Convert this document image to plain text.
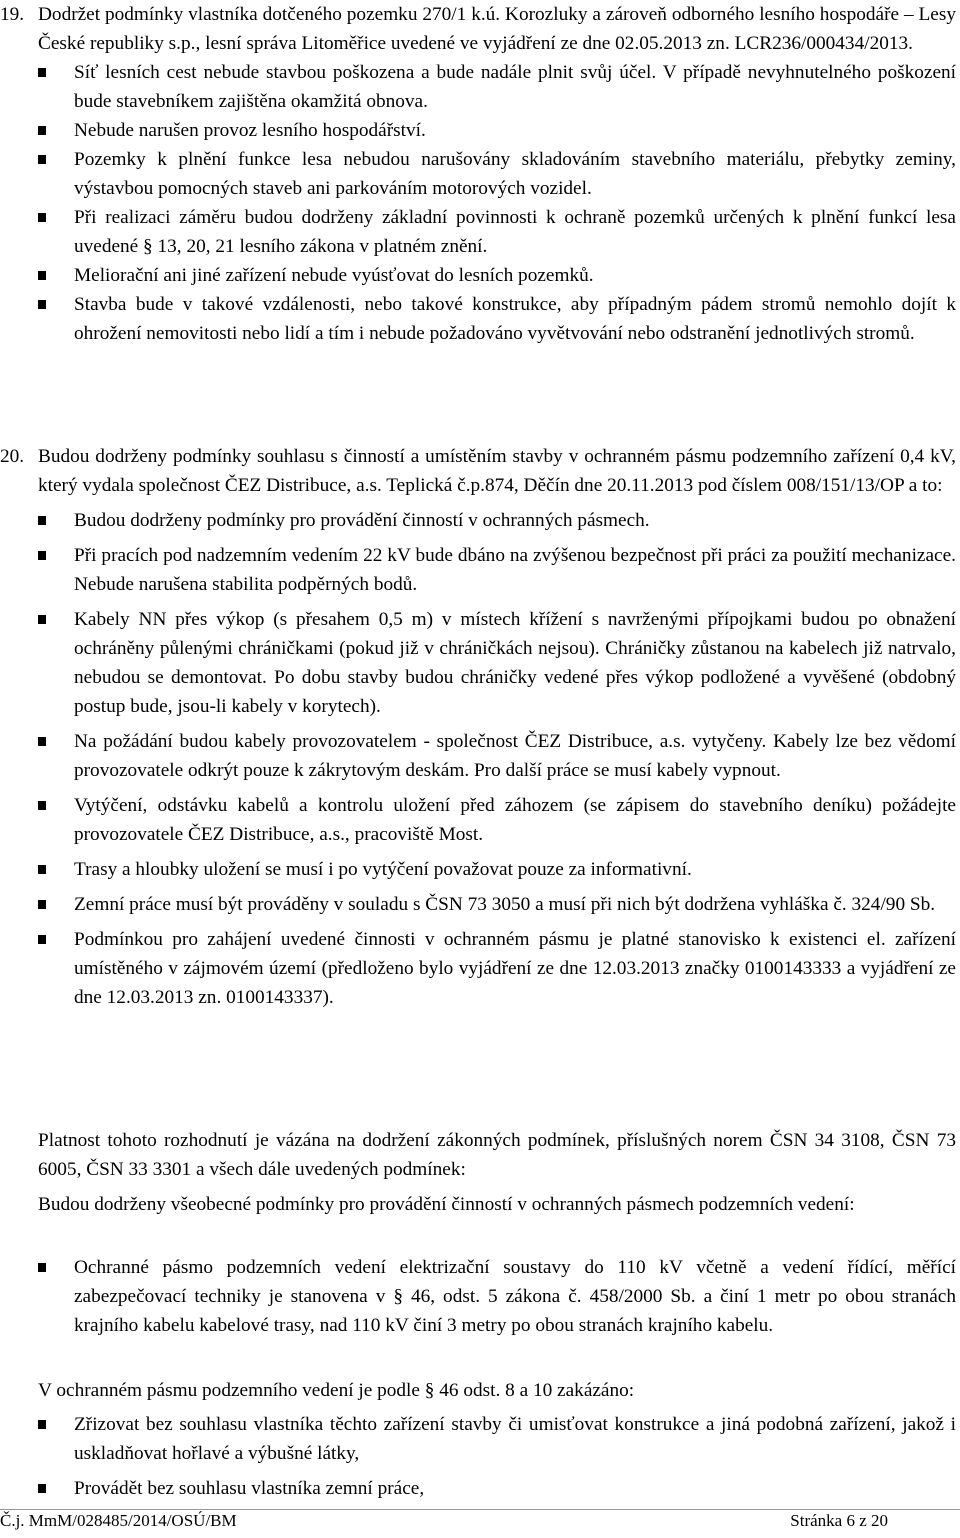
19. Dodržet podmínky vlastníka dotčeného pozemku 270/1 k.ú. Korozluky a zároveň odborného lesního hospodáře – Lesy České republiky s.p., lesní správa Litoměřice uvedené ve vyjádření ze dne 02.05.2013 zn. LCR236/000434/2013.
Síť lesních cest nebude stavbou poškozena a bude nadále plnit svůj účel. V případě nevyhnutelného poškození bude stavebníkem zajištěna okamžitá obnova.
Nebude narušen provoz lesního hospodářství.
Pozemky k plnění funkce lesa nebudou narušovány skladováním stavebního materiálu, přebytky zeminy, výstavbou pomocných staveb ani parkováním motorových vozidel.
Při realizaci záměru budou dodrženy základní povinnosti k ochraně pozemků určených k plnění funkcí lesa uvedené § 13, 20, 21 lesního zákona v platném znění.
Meliorační ani jiné zařízení nebude vyúsťovat do lesních pozemků.
Stavba bude v takové vzdálenosti, nebo takové konstrukce, aby případným pádem stromů nemohlo dojít k ohrožení nemovitosti nebo lidí a tím i nebude požadováno vyvětvování nebo odstranění jednotlivých stromů.
20. Budou dodrženy podmínky souhlasu s činností a umístěním stavby v ochranném pásmu podzemního zařízení 0,4 kV, který vydala společnost ČEZ Distribuce, a.s. Teplická č.p.874, Děčín dne 20.11.2013 pod číslem 008/151/13/OP a to:
Budou dodrženy podmínky pro provádění činností v ochranných pásmech.
Při pracích pod nadzemním vedením 22 kV bude dbáno na zvýšenou bezpečnost při práci za použití mechanizace. Nebude narušena stabilita podpěrných bodů.
Kabely NN přes výkop (s přesahem 0,5 m) v místech křížení s navrženými přípojkami budou po obnažení ochráněny půlenými chráničkami (pokud již v chráničkách nejsou). Chráničky zůstanou na kabelech již natrvalo, nebudou se demontovat. Po dobu stavby budou chráničky vedené přes výkop podložené a vyvěšené (obdobný postup bude, jsou-li kabely v korytech).
Na požádání budou kabely provozovatelem - společnost ČEZ Distribuce, a.s. vytyčeny. Kabely lze bez vědomí provozovatele odkrýt pouze k zákrytovým deskám. Pro další práce se musí kabely vypnout.
Vytýčení, odstávku kabelů a kontrolu uložení před záhozem (se zápisem do stavebního deníku) požádejte provozovatele ČEZ Distribuce, a.s., pracoviště Most.
Trasy a hloubky uložení se musí i po vytýčení považovat pouze za informativní.
Zemní práce musí být prováděny v souladu s ČSN 73 3050 a musí při nich být dodržena vyhláška č. 324/90 Sb.
Podmínkou pro zahájení uvedené činnosti v ochranném pásmu je platné stanovisko k existenci el. zařízení umístěného v zájmovém území (předloženo bylo vyjádření ze dne 12.03.2013 značky 0100143333 a vyjádření ze dne 12.03.2013 zn. 0100143337).
Platnost tohoto rozhodnutí je vázána na dodržení zákonných podmínek, příslušných norem ČSN 34 3108, ČSN 73 6005, ČSN 33 3301 a všech dále uvedených podmínek:
Budou dodrženy všeobecné podmínky pro provádění činností v ochranných pásmech podzemních vedení:
Ochranné pásmo podzemních vedení elektrizační soustavy do 110 kV včetně a vedení řídící, měřící zabezpečovací techniky je stanovena v § 46, odst. 5 zákona č. 458/2000 Sb. a činí 1 metr po obou stranách krajního kabelu kabelové trasy, nad 110 kV činí 3 metry po obou stranách krajního kabelu.
V ochranném pásmu podzemního vedení je podle § 46 odst. 8 a 10 zakázáno:
Zřizovat bez souhlasu vlastníka těchto zařízení stavby či umisťovat konstrukce a jiná podobná zařízení, jakož i uskladňovat hořlavé a výbušné látky,
Provádět bez souhlasu vlastníka zemní práce,
Č.j. MmM/028485/2014/OSÚ/BM	Stránka 6 z 20
